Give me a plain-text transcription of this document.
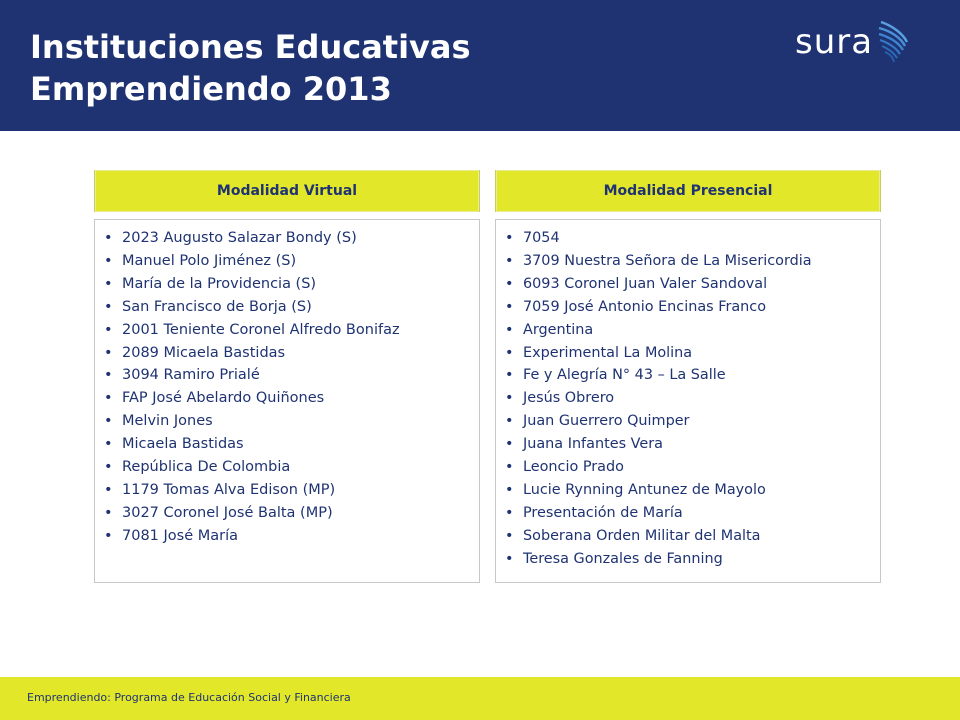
Instituciones Educativas
Emprendiendo 2013
sura
Modalidad Virtual
• 2023 Augusto Salazar Bondy (S)
• Manuel Polo Jiménez (S)
• María de la Providencia (S)
• San Francisco de Borja (S)
• 2001 Teniente Coronel Alfredo Bonifaz
• 2089 Micaela Bastidas
• 3094 Ramiro Prialé
• FAP José Abelardo Quiñones
• Melvin Jones
• Micaela Bastidas
• República De Colombia
• 1179 Tomas Alva Edison (MP)
• 3027 Coronel José Balta (MP)
• 7081 José María
Modalidad Presencial
• 7054
• 3709 Nuestra Señora de La Misericordia
• 6093 Coronel Juan Valer Sandoval
• 7059 José Antonio Encinas Franco
• Argentina
• Experimental La Molina
• Fe y Alegría N° 43 – La Salle
• Jesús Obrero
• Juan Guerrero Quimper
• Juana Infantes Vera
• Leoncio Prado
• Lucie Rynning Antunez de Mayolo
• Presentación de María
• Soberana Orden Militar del Malta
• Teresa Gonzales de Fanning
Emprendiendo: Programa de Educación Social y Financiera
